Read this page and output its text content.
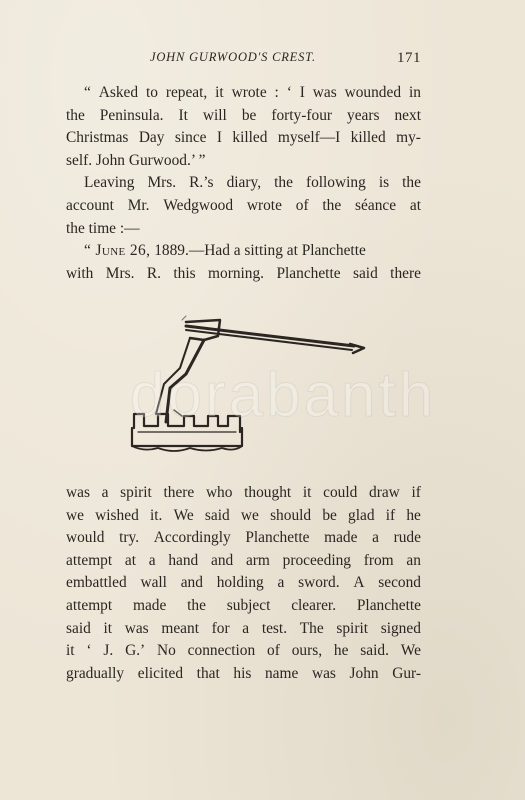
JOHN GURWOOD'S CREST.	171
“ Asked to repeat, it wrote : ‘ I was wounded in
the Peninsula. It will be forty-four years next
Christmas Day since I killed myself—I killed my-
self. John Gurwood.’ ”
Leaving Mrs. R.’s diary, the following is the
account Mr. Wedgwood wrote of the séance at
the time :—
“ June 26, 1889.—Had a sitting at Planchette
with Mrs. R. this morning. Planchette said there
dorabanth
was a spirit there who thought it could draw if
we wished it. We said we should be glad if he
would try. Accordingly Planchette made a rude
attempt at a hand and arm proceeding from an
embattled wall and holding a sword. A second
attempt made the subject clearer. Planchette
said it was meant for a test. The spirit signed
it ‘ J. G.’ No connection of ours, he said. We
gradually elicited that his name was John Gur-
